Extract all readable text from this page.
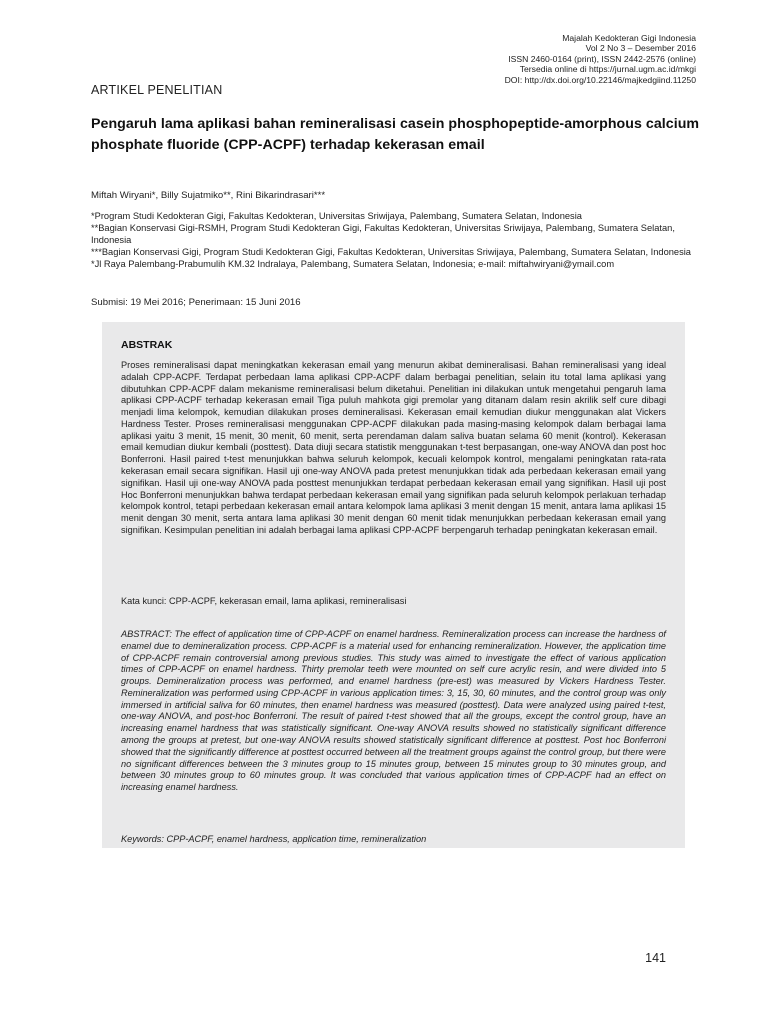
Majalah Kedokteran Gigi Indonesia
Vol 2 No 3 – Desember 2016
ISSN 2460-0164 (print), ISSN 2442-2576 (online)
Tersedia online di https://jurnal.ugm.ac.id/mkgi
DOI: http://dx.doi.org/10.22146/majkedgiind.11250
ARTIKEL PENELITIAN
Pengaruh lama aplikasi bahan remineralisasi casein phosphopeptide-amorphous calcium phosphate fluoride (CPP-ACPF) terhadap kekerasan email
Miftah Wiryani*, Billy Sujatmiko**, Rini Bikarindrasari***
*Program Studi Kedokteran Gigi, Fakultas Kedokteran, Universitas Sriwijaya, Palembang, Sumatera Selatan, Indonesia
**Bagian Konservasi Gigi-RSMH, Program Studi Kedokteran Gigi, Fakultas Kedokteran, Universitas Sriwijaya, Palembang, Sumatera Selatan, Indonesia
***Bagian Konservasi Gigi, Program Studi Kedokteran Gigi, Fakultas Kedokteran, Universitas Sriwijaya, Palembang, Sumatera Selatan, Indonesia
*Jl Raya Palembang-Prabumulih KM.32 Indralaya, Palembang, Sumatera Selatan, Indonesia; e-mail: miftahwiryani@ymail.com
Submisi: 19 Mei 2016; Penerimaan: 15 Juni 2016
ABSTRAK
Proses remineralisasi dapat meningkatkan kekerasan email yang menurun akibat demineralisasi. Bahan remineralisasi yang ideal adalah CPP-ACPF. Terdapat perbedaan lama aplikasi CPP-ACPF dalam berbagai penelitian, selain itu total lama aplikasi yang dibutuhkan CPP-ACPF dalam mekanisme remineralisasi belum diketahui. Penelitian ini dilakukan untuk mengetahui pengaruh lama aplikasi CPP-ACPF terhadap kekerasan email Tiga puluh mahkota gigi premolar yang ditanam dalam resin akrilik self cure dibagi menjadi lima kelompok, kemudian dilakukan proses demineralisasi. Kekerasan email kemudian diukur menggunakan alat Vickers Hardness Tester. Proses remineralisasi menggunakan CPP-ACPF dilakukan pada masing-masing kelompok dalam berbagai lama aplikasi yaitu 3 menit, 15 menit, 30 menit, 60 menit, serta perendaman dalam saliva buatan selama 60 menit (kontrol). Kekerasan email kemudian diukur kembali (posttest). Data diuji secara statistik menggunakan t-test berpasangan, one-way ANOVA dan post hoc Bonferroni. Hasil paired t-test menunjukkan bahwa seluruh kelompok, kecuali kelompok kontrol, mengalami peningkatan rata-rata kekerasan email secara signifikan. Hasil uji one-way ANOVA pada pretest menunjukkan tidak ada perbedaan kekerasan email yang signifikan. Hasil uji one-way ANOVA pada posttest menunjukkan terdapat perbedaan kekerasan email yang signifikan. Hasil uji post Hoc Bonferroni menunjukkan bahwa terdapat perbedaan kekerasan email yang signifikan pada seluruh kelompok perlakuan terhadap kelompok kontrol, tetapi perbedaan kekerasan email antara kelompok lama aplikasi 3 menit dengan 15 menit, antara lama aplikasi 15 menit dengan 30 menit, serta antara lama aplikasi 30 menit dengan 60 menit tidak menunjukkan perbedaan kekerasan email yang signifikan. Kesimpulan penelitian ini adalah berbagai lama aplikasi CPP-ACPF berpengaruh terhadap peningkatan kekerasan email.
Kata kunci: CPP-ACPF, kekerasan email, lama aplikasi, remineralisasi
ABSTRACT: The effect of application time of CPP-ACPF on enamel hardness. Remineralization process can increase the hardness of enamel due to demineralization process. CPP-ACPF is a material used for enhancing remineralization. However, the application time of CPP-ACPF remain controversial among previous studies. This study was aimed to investigate the effect of various application times of CPP-ACPF on enamel hardness. Thirty premolar teeth were mounted on self cure acrylic resin, and were divided into 5 groups. Demineralization process was performed, and enamel hardness (pre-est) was measured by Vickers Hardness Tester. Remineralization was performed using CPP-ACPF in various application times: 3, 15, 30, 60 minutes, and the control group was only immersed in artificial saliva for 60 minutes, then enamel hardness was measured (posttest). Data were analyzed using paired t-test, one-way ANOVA, and post-hoc Bonferroni. The result of paired t-test showed that all the groups, except the control group, have an increasing enamel hardness that was statistically significant. One-way ANOVA results showed no statistically significant difference among the groups at pretest, but one-way ANOVA results showed statistically significant difference at posttest. Post hoc Bonferroni showed that the significantly difference at posttest occurred between all the treatment groups against the control group, but there were no significant differences between the 3 minutes group to 15 minutes group, between 15 minutes group to 30 minutes group, and between 30 minutes group to 60 minutes group. It was concluded that various application times of CPP-ACPF had an effect on increasing enamel hardness.
Keywords: CPP-ACPF, enamel hardness, application time, remineralization
141
